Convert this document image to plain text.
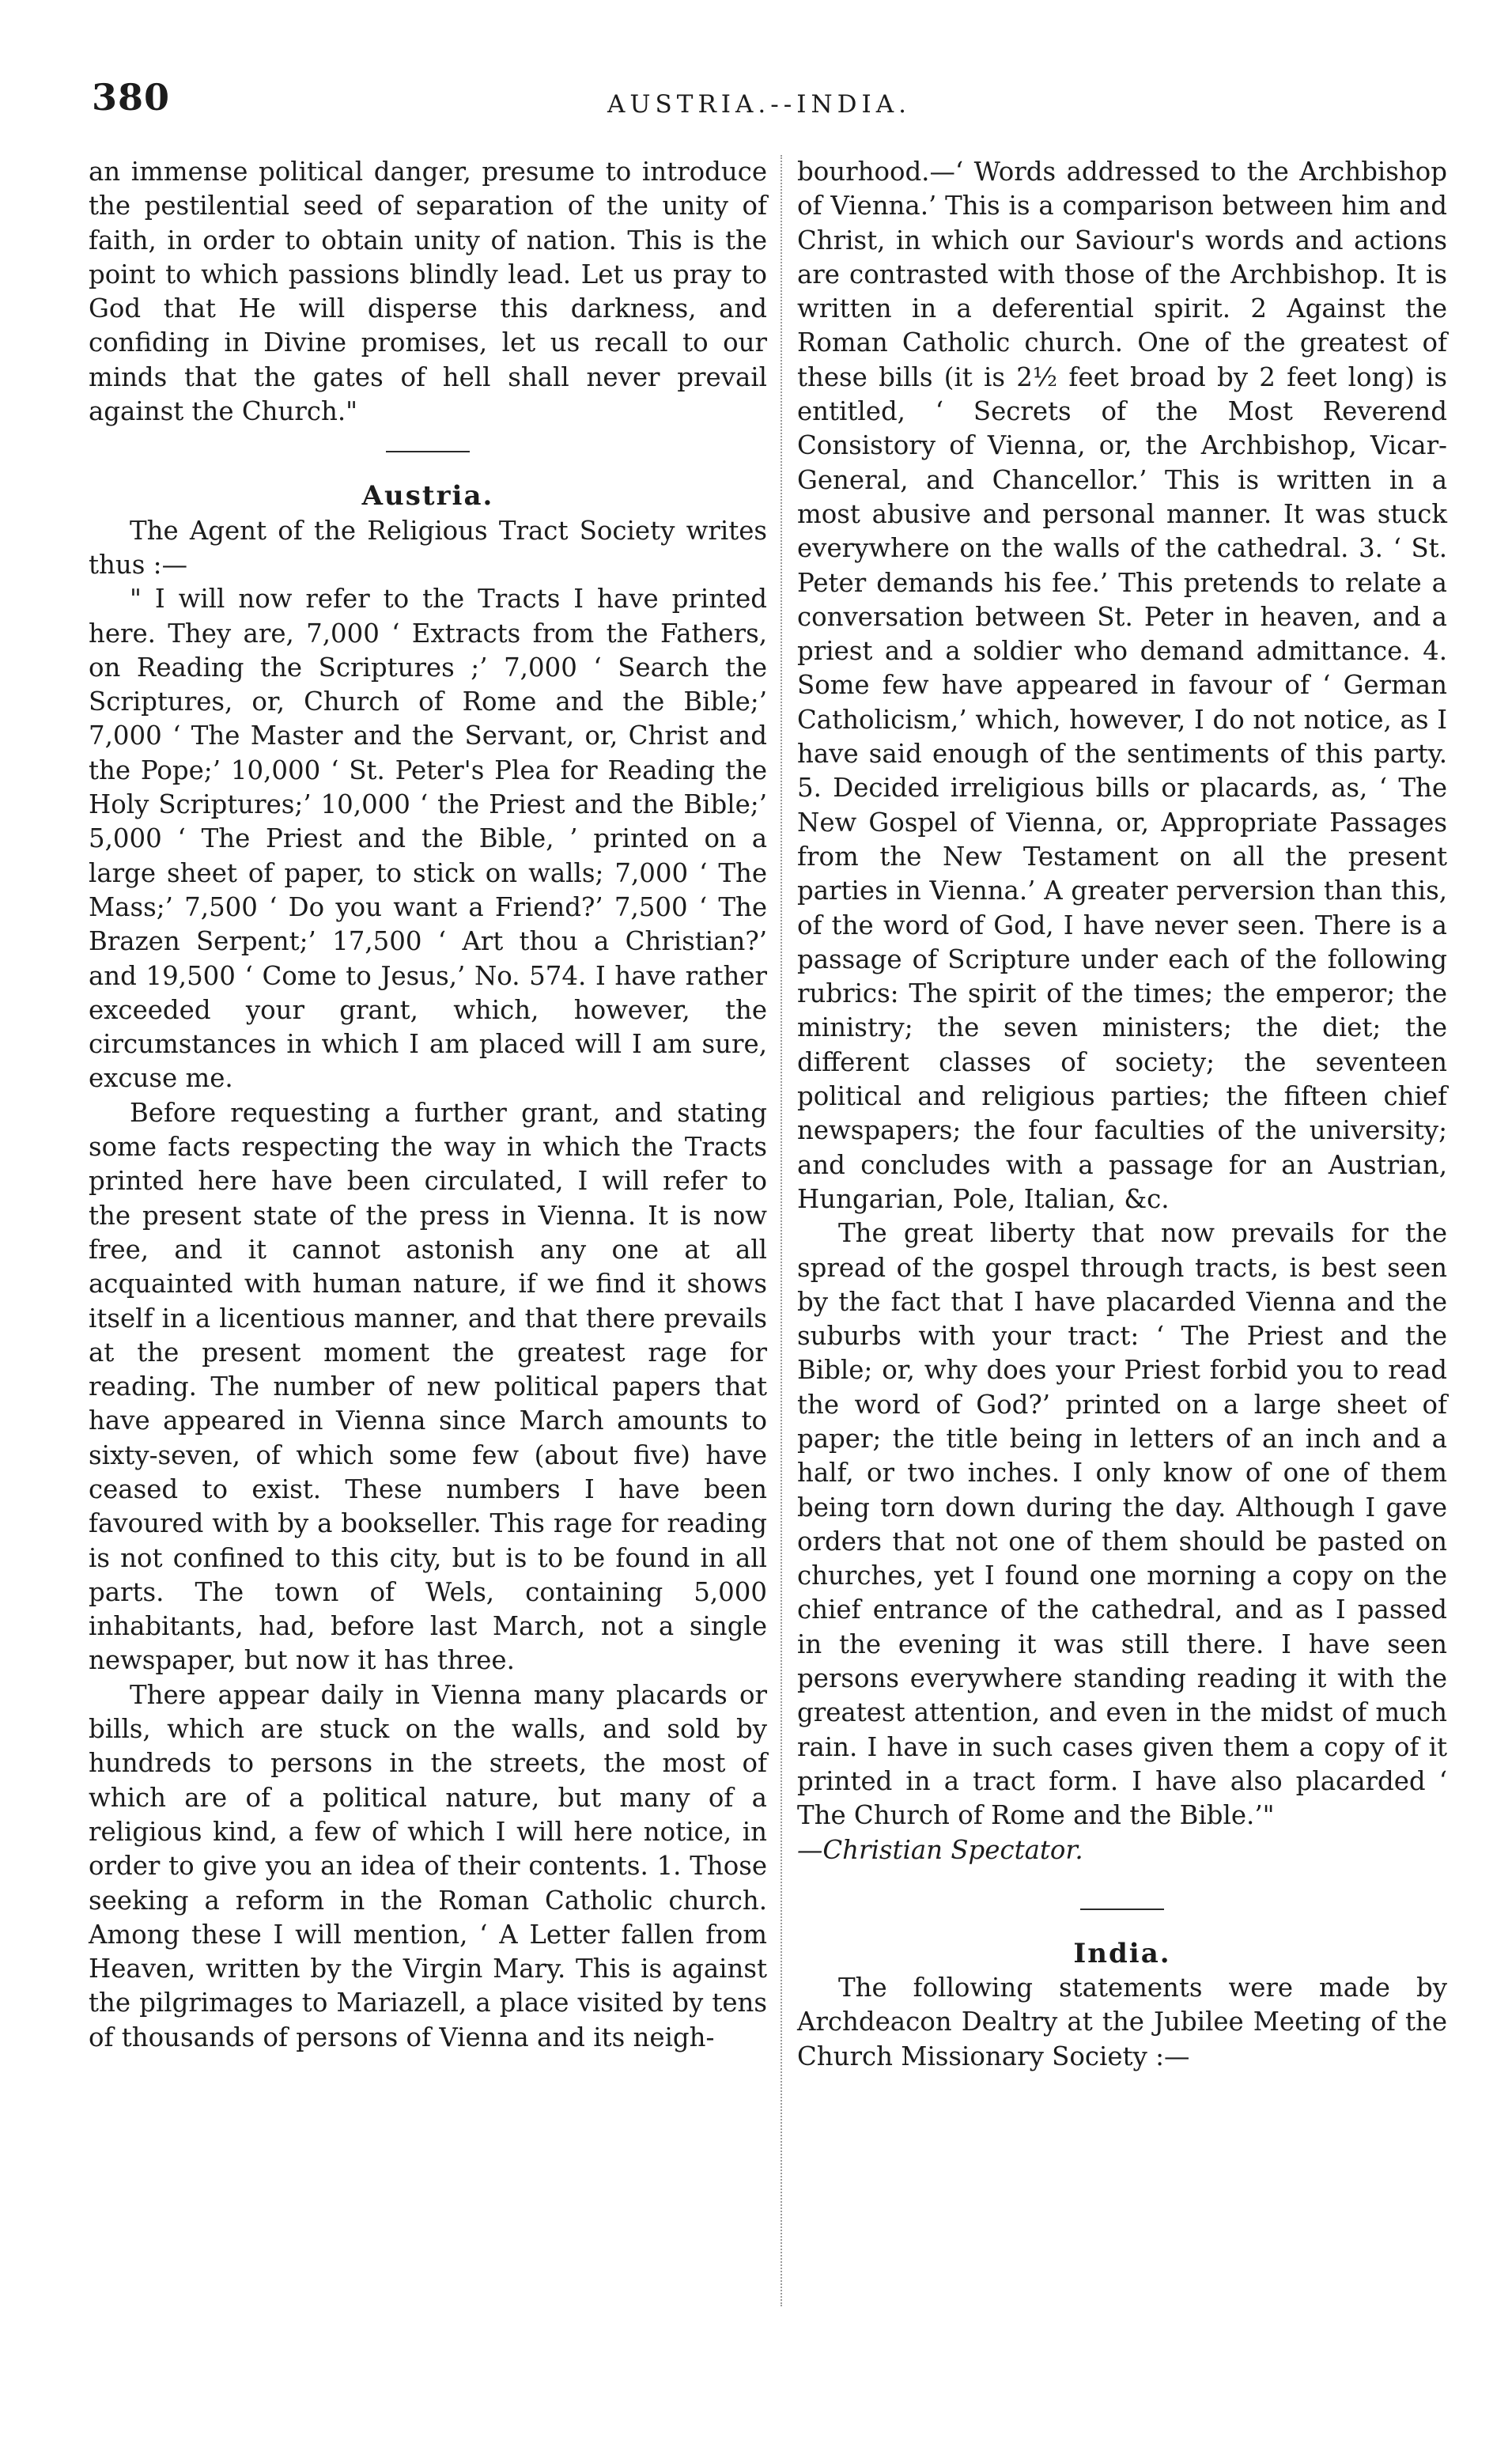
380	AUSTRIA.--INDIA.

an immense political danger, presume to introduce the pestilential seed of separation of the unity of faith, in order to obtain unity of nation. This is the point to which passions blindly lead. Let us pray to God that He will disperse this darkness, and confiding in Divine promises, let us recall to our minds that the gates of hell shall never prevail against the Church."

Austria.

The Agent of the Religious Tract Society writes thus :—

" I will now refer to the Tracts I have printed here. They are, 7,000 ‘ Extracts from the Fathers, on Reading the Scriptures ;’ 7,000 ‘ Search the Scriptures, or, Church of Rome and the Bible;’ 7,000 ‘ The Master and the Servant, or, Christ and the Pope;’ 10,000 ‘ St. Peter's Plea for Reading the Holy Scriptures;’ 10,000 ‘ the Priest and the Bible;’ 5,000 ‘ The Priest and the Bible, ’ printed on a large sheet of paper, to stick on walls; 7,000 ‘ The Mass;’ 7,500 ‘ Do you want a Friend?’ 7,500 ‘ The Brazen Serpent;’ 17,500 ‘ Art thou a Christian?’ and 19,500 ‘ Come to Jesus,’ No. 574. I have rather exceeded your grant, which, however, the circumstances in which I am placed will I am sure, excuse me.

Before requesting a further grant, and stating some facts respecting the way in which the Tracts printed here have been circulated, I will refer to the present state of the press in Vienna. It is now free, and it cannot astonish any one at all acquainted with human nature, if we find it shows itself in a licentious manner, and that there prevails at the present moment the greatest rage for reading. The number of new political papers that have appeared in Vienna since March amounts to sixty-seven, of which some few (about five) have ceased to exist. These numbers I have been favoured with by a bookseller. This rage for reading is not confined to this city, but is to be found in all parts. The town of Wels, containing 5,000 inhabitants, had, before last March, not a single newspaper, but now it has three.

There appear daily in Vienna many placards or bills, which are stuck on the walls, and sold by hundreds to persons in the streets, the most of which are of a political nature, but many of a religious kind, a few of which I will here notice, in order to give you an idea of their contents. 1. Those seeking a reform in the Roman Catholic church. Among these I will mention, ‘ A Letter fallen from Heaven, written by the Virgin Mary. This is against the pilgrimages to Mariazell, a place visited by tens of thousands of persons of Vienna and its neigh-

bourhood.—‘ Words addressed to the Archbishop of Vienna.’ This is a comparison between him and Christ, in which our Saviour's words and actions are contrasted with those of the Archbishop. It is written in a deferential spirit. 2 Against the Roman Catholic church. One of the greatest of these bills (it is 2½ feet broad by 2 feet long) is entitled, ‘ Secrets of the Most Reverend Consistory of Vienna, or, the Archbishop, Vicar-General, and Chancellor.’ This is written in a most abusive and personal manner. It was stuck everywhere on the walls of the cathedral. 3. ‘ St. Peter demands his fee.’ This pretends to relate a conversation between St. Peter in heaven, and a priest and a soldier who demand admittance. 4. Some few have appeared in favour of ‘ German Catholicism,’ which, however, I do not notice, as I have said enough of the sentiments of this party. 5. Decided irreligious bills or placards, as, ‘ The New Gospel of Vienna, or, Appropriate Passages from the New Testament on all the present parties in Vienna.’ A greater perversion than this, of the word of God, I have never seen. There is a passage of Scripture under each of the following rubrics: The spirit of the times; the emperor; the ministry; the seven ministers; the diet; the different classes of society; the seventeen political and religious parties; the fifteen chief newspapers; the four faculties of the university; and concludes with a passage for an Austrian, Hungarian, Pole, Italian, &c.

The great liberty that now prevails for the spread of the gospel through tracts, is best seen by the fact that I have placarded Vienna and the suburbs with your tract: ‘ The Priest and the Bible; or, why does your Priest forbid you to read the word of God?’ printed on a large sheet of paper; the title being in letters of an inch and a half, or two inches. I only know of one of them being torn down during the day. Although I gave orders that not one of them should be pasted on churches, yet I found one morning a copy on the chief entrance of the cathedral, and as I passed in the evening it was still there. I have seen persons everywhere standing reading it with the greatest attention, and even in the midst of much rain. I have in such cases given them a copy of it printed in a tract form. I have also placarded ‘ The Church of Rome and the Bible.’"

—Christian Spectator.

India.

The following statements were made by Archdeacon Dealtry at the Jubilee Meeting of the Church Missionary Society :—
